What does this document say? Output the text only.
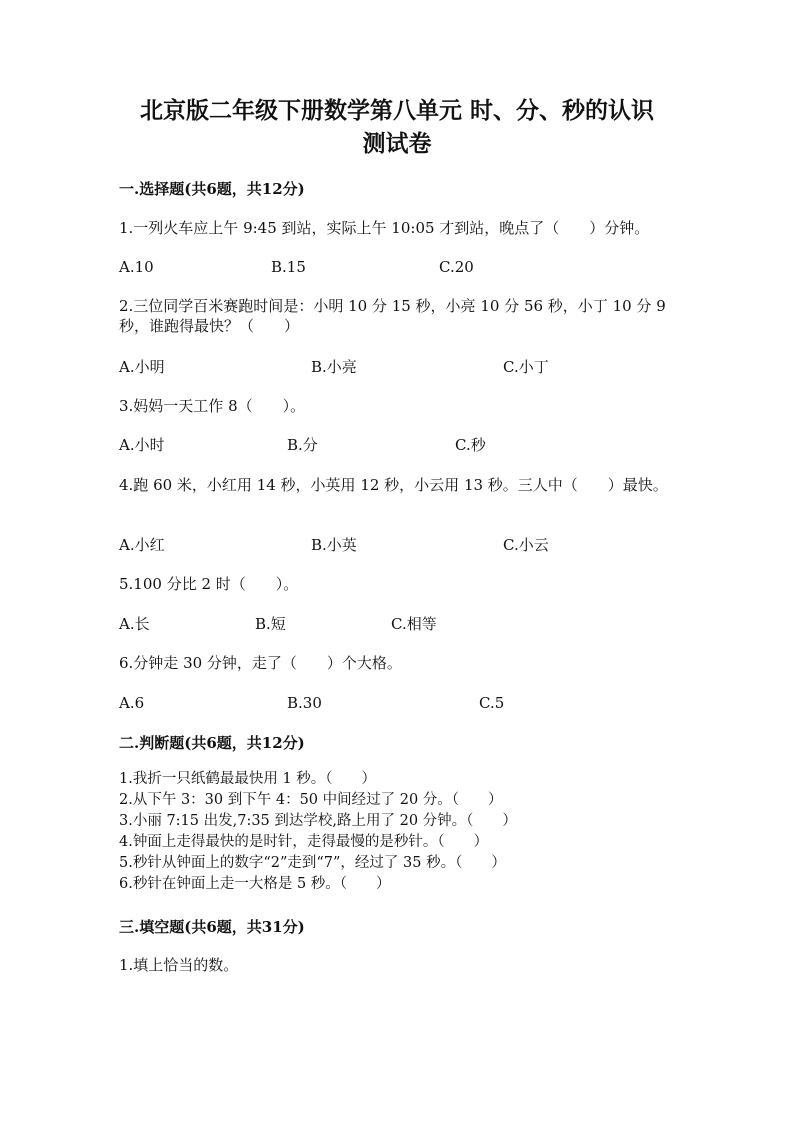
北京版二年级下册数学第八单元 时、分、秒的认识
测试卷
一.选择题(共6题，共12分)
1.一列火车应上午 9:45 到站，实际上午 10:05 才到站，晚点了（　　）分钟。
A.10	B.15	C.20
2.三位同学百米赛跑时间是：小明 10 分 15 秒，小亮 10 分 56 秒，小丁 10 分 9
秒，谁跑得最快？（　　）
A.小明	B.小亮	C.小丁
3.妈妈一天工作 8（　　）。
A.小时	B.分	C.秒
4.跑 60 米，小红用 14 秒，小英用 12 秒，小云用 13 秒。三人中（　　）最快。
A.小红	B.小英	C.小云
5.100 分比 2 时（　　）。
A.长	B.短	C.相等
6.分钟走 30 分钟，走了（　　）个大格。
A.6	B.30	C.5
二.判断题(共6题，共12分)
1.我折一只纸鹤最最快用 1 秒。（　　）
2.从下午 3：30 到下午 4：50 中间经过了 20 分。（　　）
3.小丽 7:15 出发,7:35 到达学校,路上用了 20 分钟。（　　）
4.钟面上走得最快的是时针，走得最慢的是秒针。（　　）
5.秒针从钟面上的数字“2”走到“7”，经过了 35 秒。（　　）
6.秒针在钟面上走一大格是 5 秒。（　　）
三.填空题(共6题，共31分)
1.填上恰当的数。
